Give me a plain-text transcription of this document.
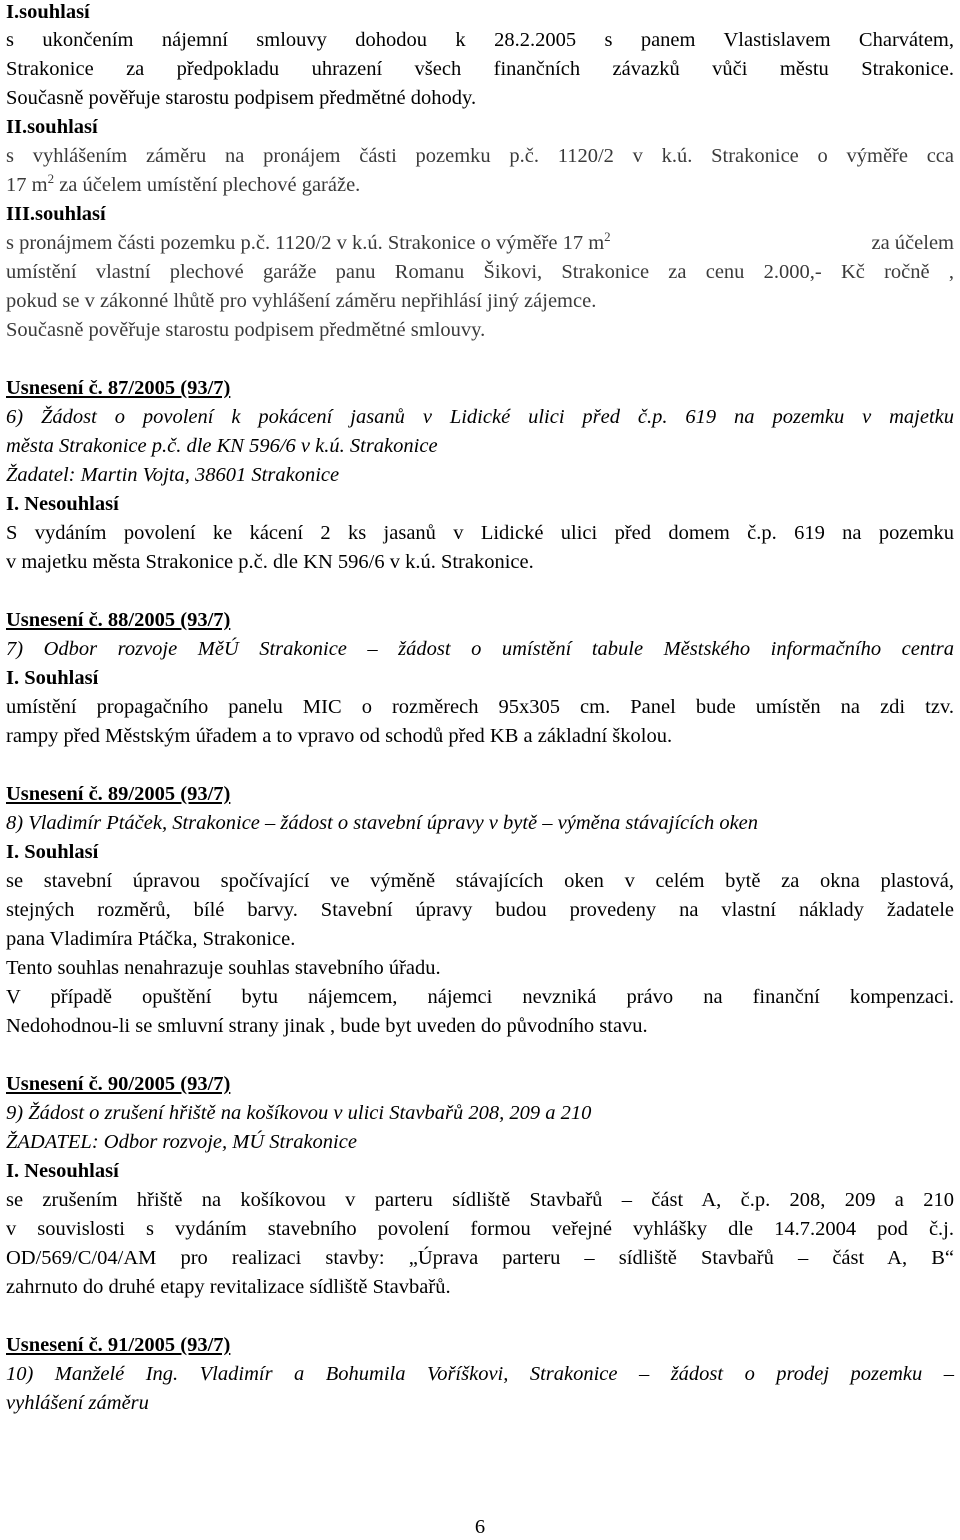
I.souhlasí
s ukončením nájemní smlouvy dohodou k 28.2.2005 s panem Vlastislavem Charvátem,
Strakonice za předpokladu uhrazení všech finančních závazků vůči městu Strakonice.
Současně pověřuje starostu podpisem předmětné dohody.
II.souhlasí
s vyhlášením záměru na pronájem části pozemku p.č. 1120/2 v k.ú. Strakonice o výměře cca
17 $m^2$ za účelem umístění plechové garáže.
III.souhlasí
s pronájmem části pozemku p.č. 1120/2 v k.ú. Strakonice o výměře 17 $m^2$	za účelem
umístění vlastní plechové garáže panu Romanu Šikovi, Strakonice za cenu 2.000,- Kč ročně ,
pokud se v zákonné lhůtě pro vyhlášení záměru nepřihlásí jiný zájemce.
Současně pověřuje starostu podpisem předmětné smlouvy.
Usnesení č. 87/2005 (93/7)
6) Žádost o povolení k pokácení jasanů v Lidické ulici před č.p. 619 na pozemku v majetku
města Strakonice p.č. dle KN 596/6 v k.ú. Strakonice
Žadatel: Martin Vojta, 38601 Strakonice
I. Nesouhlasí
S vydáním povolení ke kácení 2 ks jasanů v Lidické ulici před domem č.p. 619 na pozemku
v majetku města Strakonice p.č. dle KN 596/6 v k.ú. Strakonice.
Usnesení č. 88/2005 (93/7)
7) Odbor rozvoje MěÚ Strakonice – žádost o umístění tabule Městského informačního centra
I. Souhlasí
umístění propagačního panelu MIC o rozměrech 95x305 cm. Panel bude umístěn na zdi tzv.
rampy před Městským úřadem a to vpravo od schodů před KB a základní školou.
Usnesení č. 89/2005 (93/7)
8) Vladimír Ptáček, Strakonice – žádost o stavební úpravy v bytě – výměna stávajících oken
I. Souhlasí
se stavební úpravou spočívající ve výměně stávajících oken v celém bytě za okna plastová,
stejných rozměrů, bílé barvy. Stavební úpravy budou provedeny na vlastní náklady žadatele
pana Vladimíra Ptáčka, Strakonice.
Tento souhlas nenahrazuje souhlas stavebního úřadu.
V případě opuštění bytu nájemcem, nájemci nevzniká právo na finanční kompenzaci.
Nedohodnou-li se smluvní strany jinak , bude byt uveden do původního stavu.
Usnesení č. 90/2005 (93/7)
9) Žádost o zrušení hřiště na košíkovou v ulici Stavbařů 208, 209 a 210
ŽADATEL: Odbor rozvoje, MÚ Strakonice
I. Nesouhlasí
se zrušením hřiště na košíkovou v parteru sídliště Stavbařů – část A, č.p. 208, 209 a 210
v souvislosti s vydáním stavebního povolení formou veřejné vyhlášky dle 14.7.2004 pod č.j.
OD/569/C/04/AM pro realizaci stavby: „Úprava parteru – sídliště Stavbařů – část A, B“
zahrnuto do druhé etapy revitalizace sídliště Stavbařů.
Usnesení č. 91/2005 (93/7)
10) Manželé Ing. Vladimír a Bohumila Voříškovi, Strakonice – žádost o prodej pozemku –
vyhlášení záměru
6
